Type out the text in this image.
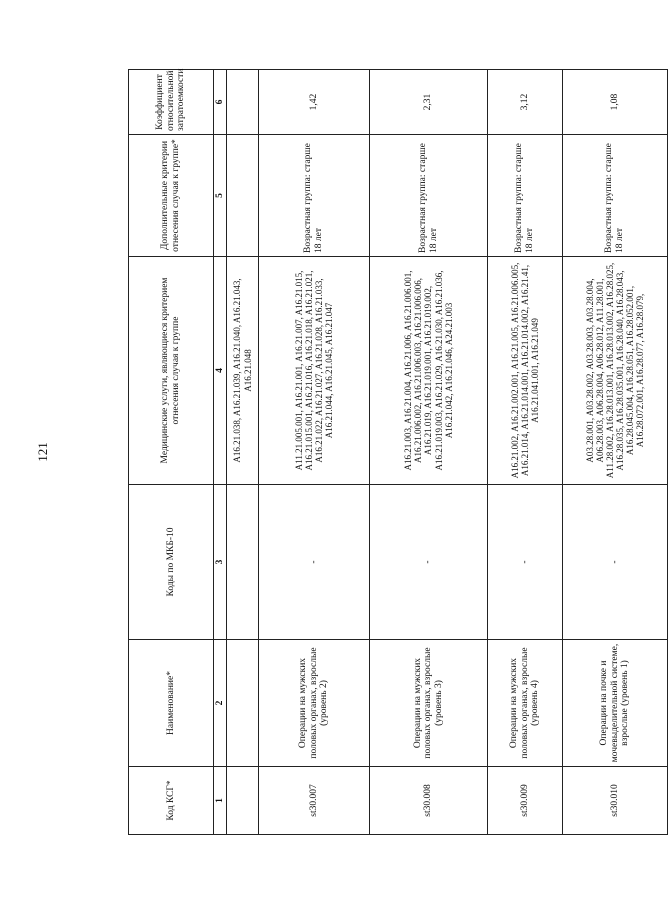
121
Код КСГ*	Наименование*	Коды по МКБ-10	Медицинские услуги, являющиеся критерием отнесения случая к группе	Дополнительные критерии отнесения случая к группе*	Коэффициент относительной затратоемкости
1	2	3	4	5	6
			A16.21.038, A16.21.039, A16.21.040, A16.21.043, A16.21.048		
st30.007	Операции на мужских половых органах, взрослые (уровень 2)	-	A11.21.005.001, A16.21.001, A16.21.007, A16.21.015, A16.21.015.001, A16.21.016, A16.21.018, A16.21.021, A16.21.022, A16.21.027, A16.21.028, A16.21.033, A16.21.044, A16.21.045, A16.21.047	Возрастная группа: старше 18 лет	1,42
st30.008	Операции на мужских половых органах, взрослые (уровень 3)	-	A16.21.003, A16.21.004, A16.21.006, A16.21.006.001, A16.21.006.002, A16.21.006.003, A16.21.006.006, A16.21.019, A16.21.019.001, A16.21.019.002, A16.21.019.003, A16.21.029, A16.21.030, A16.21.036, A16.21.042, A16.21.046, A24.21.003	Возрастная группа: старше 18 лет	2,31
st30.009	Операции на мужских половых органах, взрослые (уровень 4)	-	A16.21.002, A16.21.002.001, A16.21.005, A16.21.006.005, A16.21.014, A16.21.014.001, A16.21.014.002, A16.21.41, A16.21.041.001, A16.21.049	Возрастная группа: старше 18 лет	3,12
st30.010	Операции на почке и мочевыделительной системе, взрослые (уровень 1)	-	A03.28.001, A03.28.002, A03.28.003, A03.28.004, A06.28.003, A06.28.004, A06.28.012, A11.28.001, A11.28.002, A16.28.013.001, A16.28.013.002, A16.28.025, A16.28.035, A16.28.035.001, A16.28.040, A16.28.043, A16.28.045.004, A16.28.051, A16.28.052.001, A16.28.072.001, A16.28.077, A16.28.079,	Возрастная группа: старше 18 лет	1,08
